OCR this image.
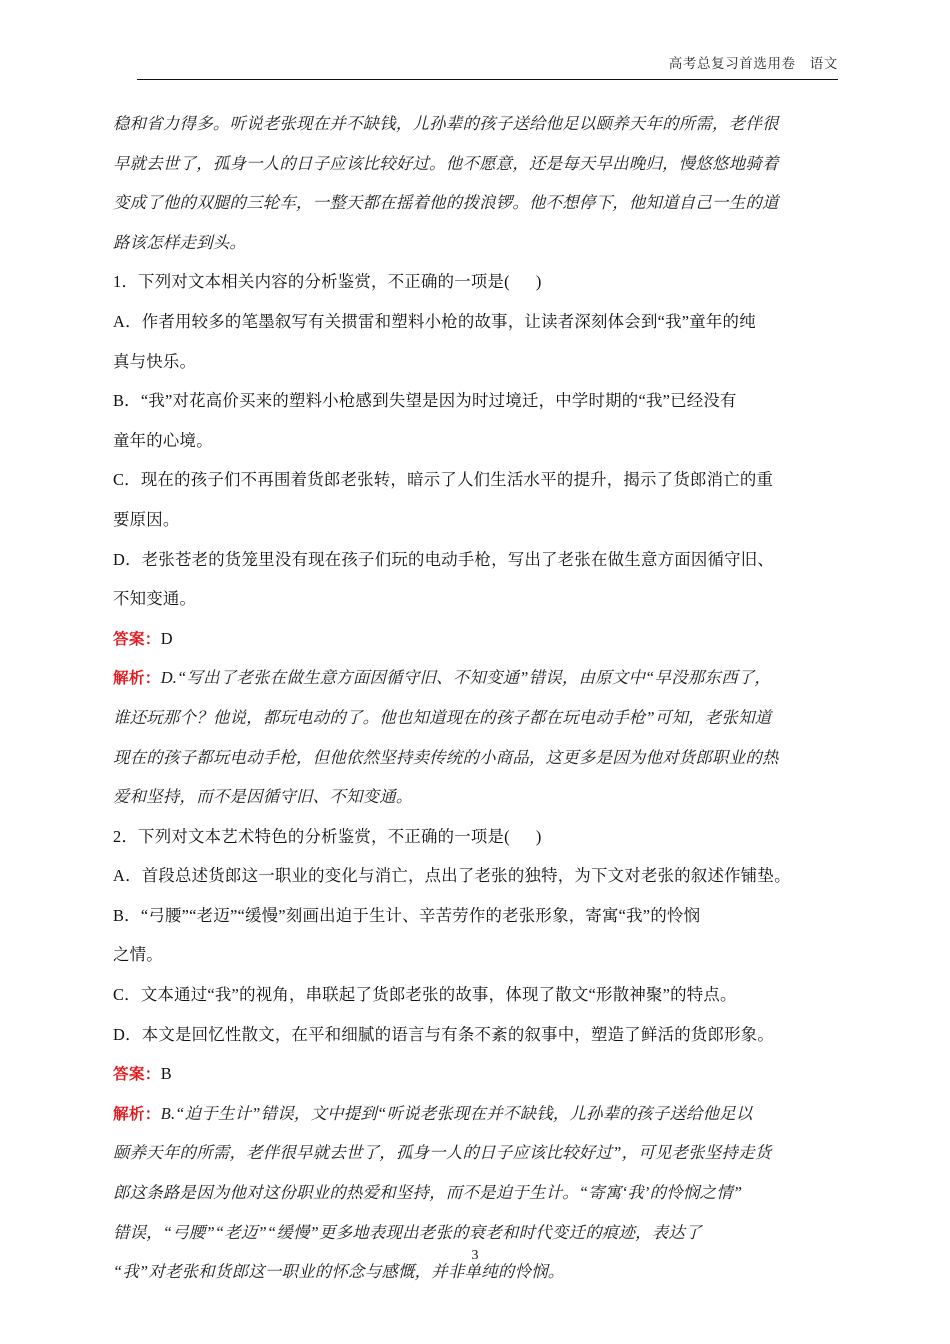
高考总复习首选用卷　语文
稳和省力得多。听说老张现在并不缺钱，儿孙辈的孩子送给他足以颐养天年的所需，老伴很
早就去世了，孤身一人的日子应该比较好过。他不愿意，还是每天早出晚归，慢悠悠地骑着
变成了他的双腿的三轮车，一整天都在摇着他的拨浪锣。他不想停下，他知道自己一生的道
路该怎样走到头。
1．下列对文本相关内容的分析鉴赏，不正确的一项是( )
A．作者用较多的笔墨叙写有关掼雷和塑料小枪的故事，让读者深刻体会到“我”童年的纯
真与快乐。
B．“我”对花高价买来的塑料小枪感到失望是因为时过境迁，中学时期的“我”已经没有
童年的心境。
C．现在的孩子们不再围着货郎老张转，暗示了人们生活水平的提升，揭示了货郎消亡的重
要原因。
D．老张苍老的货笼里没有现在孩子们玩的电动手枪，写出了老张在做生意方面因循守旧、
不知变通。
答案：D
解析：D.“写出了老张在做生意方面因循守旧、不知变通”错误，由原文中“早没那东西了，
谁还玩那个？他说，都玩电动的了。他也知道现在的孩子都在玩电动手枪”可知，老张知道
现在的孩子都玩电动手枪，但他依然坚持卖传统的小商品，这更多是因为他对货郎职业的热
爱和坚持，而不是因循守旧、不知变通。
2．下列对文本艺术特色的分析鉴赏，不正确的一项是( )
A．首段总述货郎这一职业的变化与消亡，点出了老张的独特，为下文对老张的叙述作铺垫。
B．“弓腰”“老迈”“缓慢”刻画出迫于生计、辛苦劳作的老张形象，寄寓“我”的怜悯
之情。
C．文本通过“我”的视角，串联起了货郎老张的故事，体现了散文“形散神聚”的特点。
D．本文是回忆性散文，在平和细腻的语言与有条不紊的叙事中，塑造了鲜活的货郎形象。
答案：B
解析：B.“迫于生计”错误，文中提到“听说老张现在并不缺钱，儿孙辈的孩子送给他足以
颐养天年的所需，老伴很早就去世了，孤身一人的日子应该比较好过”，可见老张坚持走货
郎这条路是因为他对这份职业的热爱和坚持，而不是迫于生计。“寄寓‘我’的怜悯之情”
错误，“弓腰”“老迈”“缓慢”更多地表现出老张的衰老和时代变迁的痕迹，表达了
“我”对老张和货郎这一职业的怀念与感慨，并非单纯的怜悯。
3
